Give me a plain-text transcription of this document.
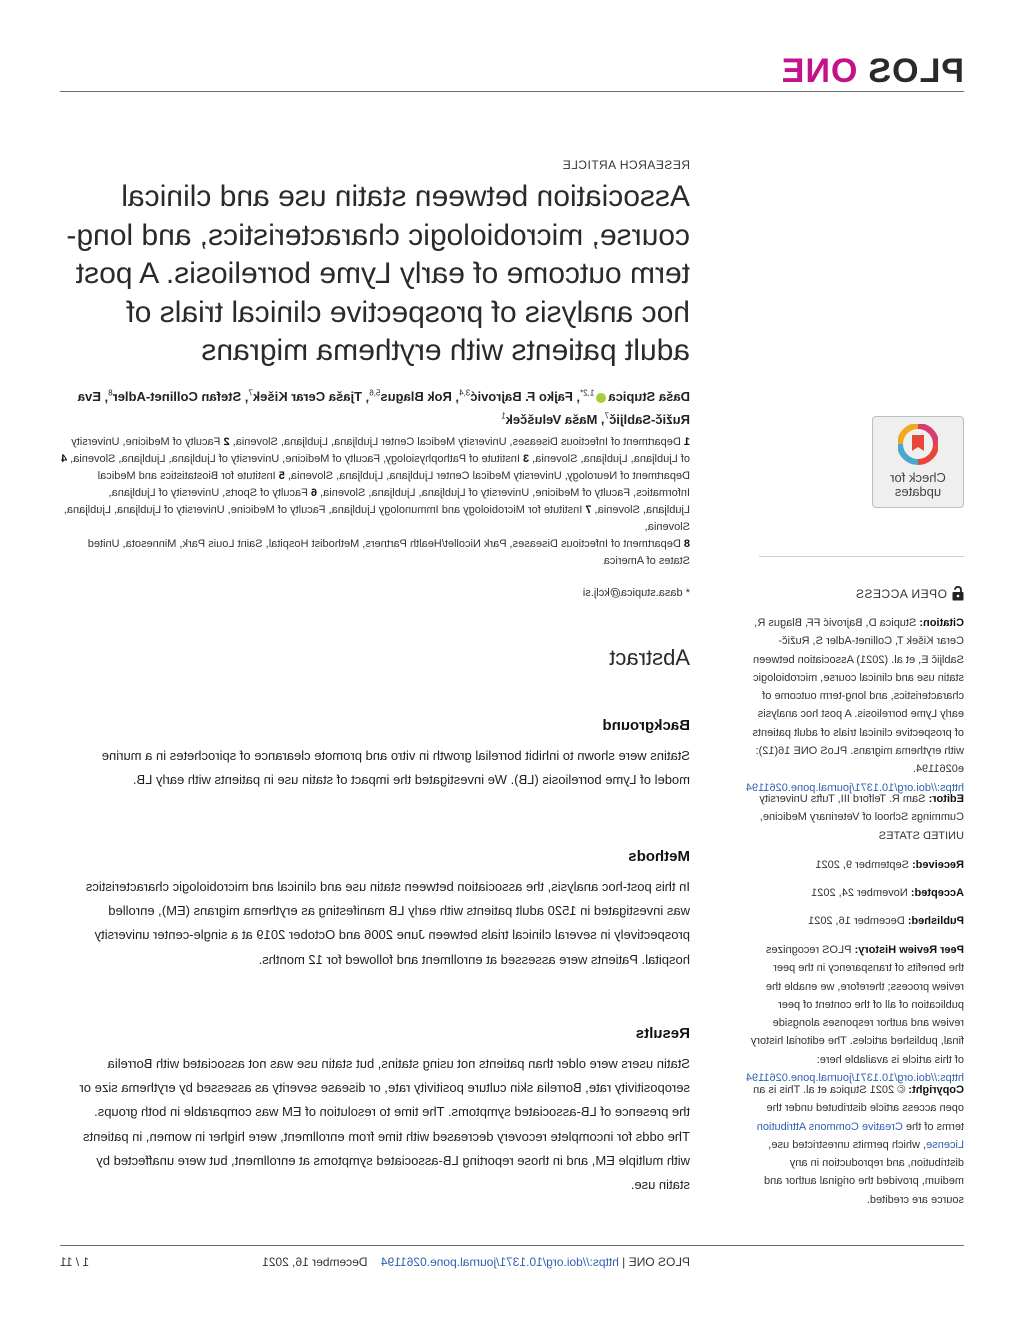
PLOSONE
Check for
updates
OPEN ACCESS
Citation: Stupica D, Bajrović FF, Blagus R, Cerar Kišek T, Collinet-Adler S, Ružič-Sabljič E, et al. (2021) Association between statin use and clinical course, microbiologic characteristics, and long-term outcome of early Lyme borreliosis. A post hoc analysis of prospective clinical trials of adult patients with erythema migrans. PLoS ONE 16(12): e0261194. https://doi.org/10.1371/journal.pone.0261194
Editor: Sam R. Telford III, Tufts University Cummings School of Veterinary Medicine, UNITED STATES
Received: September 9, 2021
Accepted: November 24, 2021
Published: December 16, 2021
Peer Review History: PLOS recognizes the benefits of transparency in the peer review process; therefore, we enable the publication of all of the content of peer review and author responses alongside final, published articles. The editorial history of this article is available here: https://doi.org/10.1371/journal.pone.0261194
Copyright: © 2021 Stupica et al. This is an open access article distributed under the terms of the Creative Commons Attribution License, which permits unrestricted use, distribution, and reproduction in any medium, provided the original author and source are credited.
RESEARCH ARTICLE
Association between statin use and clinical course, microbiologic characteristics, and long-term outcome of early Lyme borreliosis. A post hoc analysis of prospective clinical trials of adult patients with erythema migrans
Daša Stupica$^{1,2*}$, Fajko F. Bajrović$^{3,4}$, Rok Blagus$^{5,6}$, Tjaša Cerar Kišek$^7$, Stefan Collinet-Adler$^8$, Eva Ružič-Sabljič$^7$, Maša Velušček$^1$
1 Department of Infectious Diseases, University Medical Center Ljubljana, Ljubljana, Slovenia, 2 Faculty of Medicine, University of Ljubljana, Ljubljana, Slovenia, 3 Institute of Pathophysiology, Faculty of Medicine, University of Ljubljana, Ljubljana, Slovenia, 4 Department of Neurology, University Medical Center Ljubljana, Ljubljana, Slovenia, 5 Institute for Biostatistics and Medical Informatics, Faculty of Medicine, University of Ljubljana, Ljubljana, Slovenia, 6 Faculty of Sports, University of Ljubljana, Ljubljana, Slovenia, 7 Institute for Microbiology and Immunology Ljubljana, Faculty of Medicine, University of Ljubljana, Ljubljana, Slovenia,
8 Department of Infectious Diseases, Park Nicollet/Health Partners, Methodist Hospital, Saint Louis Park, Minnesota, United States of America
* dasa.stupica@kclj.si
Abstract
Background

Statins were shown to inhibit borrelial growth in vitro and promote clearance of spirochetes in a murine model of Lyme borreliosis (LB). We investigated the impact of statin use in patients with early LB.

Methods

In this post-hoc analysis, the association between statin use and clinical and microbiologic characteristics was investigated in 1520 adult patients with early LB manifesting as erythema migrans (EM), enrolled prospectively in several clinical trials between June 2006 and October 2019 at a single-center university hospital. Patients were assessed at enrollment and followed for 12 months.

Results

Statin users were older than patients not using statins, but statin use was not associated with Borrelia seropositivity rate, Borrelia skin culture positivity rate, or disease severity as assessed by erythema size or the presence of LB-associated symptoms. The time to resolution of EM was comparable in both groups. The odds for incomplete recovery decreased with time from enrollment, were higher in women, in patients with multiple EM, and in those reporting LB-associated symptoms at enrollment, but were unaffected by statin use.

PLOS ONE | https://doi.org/10.1371/journal.pone.0261194    December 16, 2021
1 / 11
